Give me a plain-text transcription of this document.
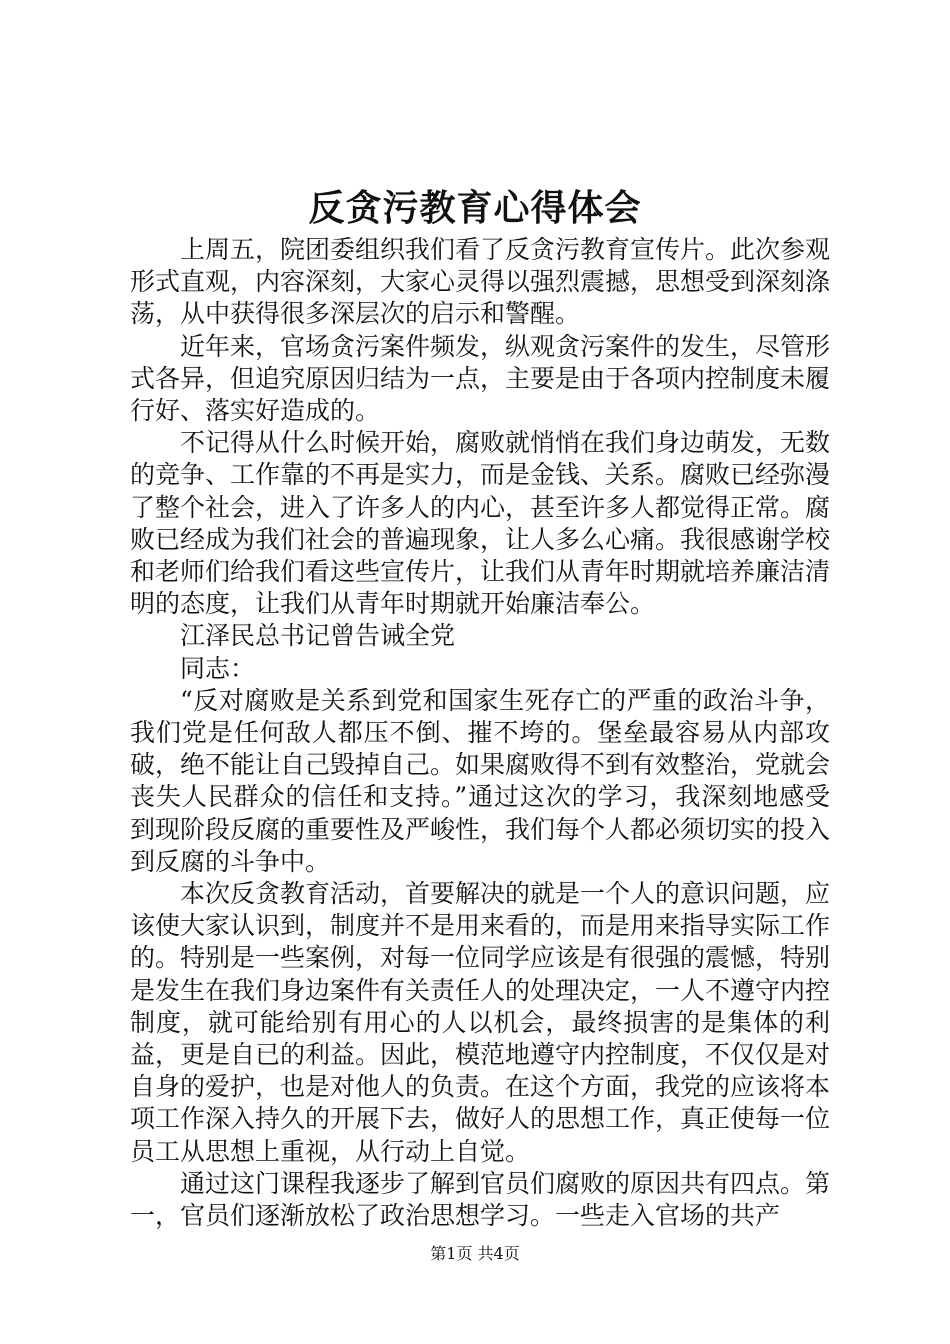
反贪污教育心得体会

上周五，院团委组织我们看了反贪污教育宣传片。此次参观形式直观，内容深刻，大家心灵得以强烈震撼，思想受到深刻涤荡，从中获得很多深层次的启示和警醒。

近年来，官场贪污案件频发，纵观贪污案件的发生，尽管形式各异，但追究原因归结为一点，主要是由于各项内控制度未履行好、落实好造成的。

不记得从什么时候开始，腐败就悄悄在我们身边萌发，无数的竞争、工作靠的不再是实力，而是金钱、关系。腐败已经弥漫了整个社会，进入了许多人的内心，甚至许多人都觉得正常。腐败已经成为我们社会的普遍现象，让人多么心痛。我很感谢学校和老师们给我们看这些宣传片，让我们从青年时期就培养廉洁清明的态度，让我们从青年时期就开始廉洁奉公。

江泽民总书记曾告诫全党

同志：

“反对腐败是关系到党和国家生死存亡的严重的政治斗争，我们党是任何敌人都压不倒、摧不垮的。堡垒最容易从内部攻破，绝不能让自己毁掉自己。如果腐败得不到有效整治，党就会丧失人民群众的信任和支持。”通过这次的学习，我深刻地感受到现阶段反腐的重要性及严峻性，我们每个人都必须切实的投入到反腐的斗争中。

本次反贪教育活动，首要解决的就是一个人的意识问题，应该使大家认识到，制度并不是用来看的，而是用来指导实际工作的。特别是一些案例，对每一位同学应该是有很强的震憾，特别是发生在我们身边案件有关责任人的处理决定，一人不遵守内控制度，就可能给别有用心的人以机会，最终损害的是集体的利益，更是自已的利益。因此，模范地遵守内控制度，不仅仅是对自身的爱护，也是对他人的负责。在这个方面，我党的应该将本项工作深入持久的开展下去，做好人的思想工作，真正使每一位员工从思想上重视，从行动上自觉。

通过这门课程我逐步了解到官员们腐败的原因共有四点。第一，官员们逐渐放松了政治思想学习。一些走入官场的共产

第1页 共4页
